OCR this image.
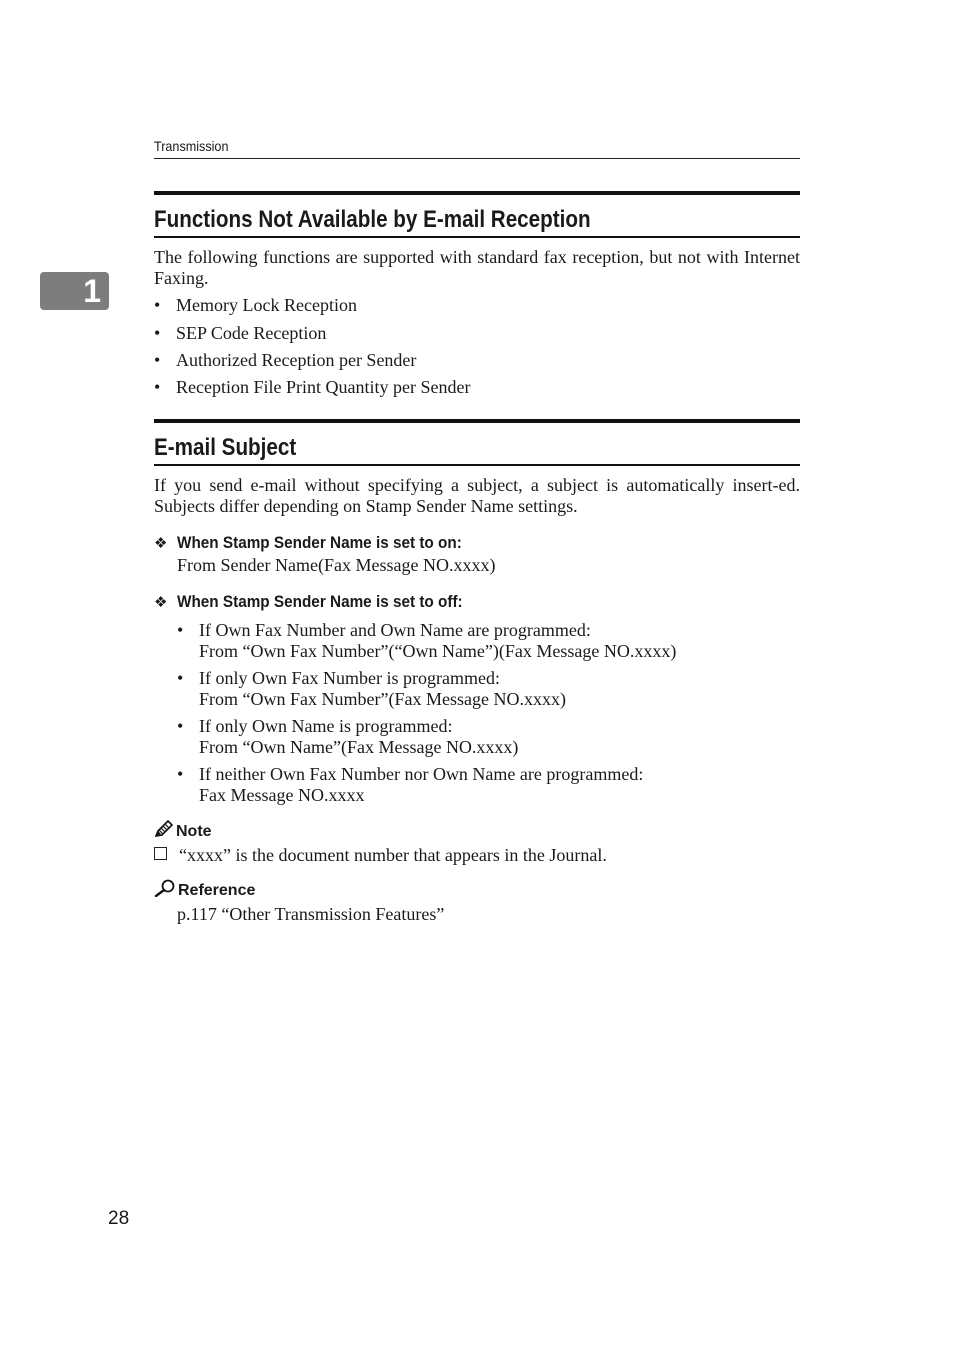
Transmission
1
Functions Not Available by E-mail Reception
The following functions are supported with standard fax reception, but not with Internet Faxing.
• Memory Lock Reception
• SEP Code Reception
• Authorized Reception per Sender
• Reception File Print Quantity per Sender
E-mail Subject
If you send e-mail without specifying a subject, a subject is automatically insert-ed. Subjects differ depending on Stamp Sender Name settings.
❖ When Stamp Sender Name is set to on:
From Sender Name(Fax Message NO.xxxx)
❖ When Stamp Sender Name is set to off:
• If Own Fax Number and Own Name are programmed:
From “Own Fax Number”(“Own Name”)(Fax Message NO.xxxx)
• If only Own Fax Number is programmed:
From “Own Fax Number”(Fax Message NO.xxxx)
• If only Own Name is programmed:
From “Own Name”(Fax Message NO.xxxx)
• If neither Own Fax Number nor Own Name are programmed:
Fax Message NO.xxxx
Note
“xxxx” is the document number that appears in the Journal.
Reference
p.117 “Other Transmission Features”
28
